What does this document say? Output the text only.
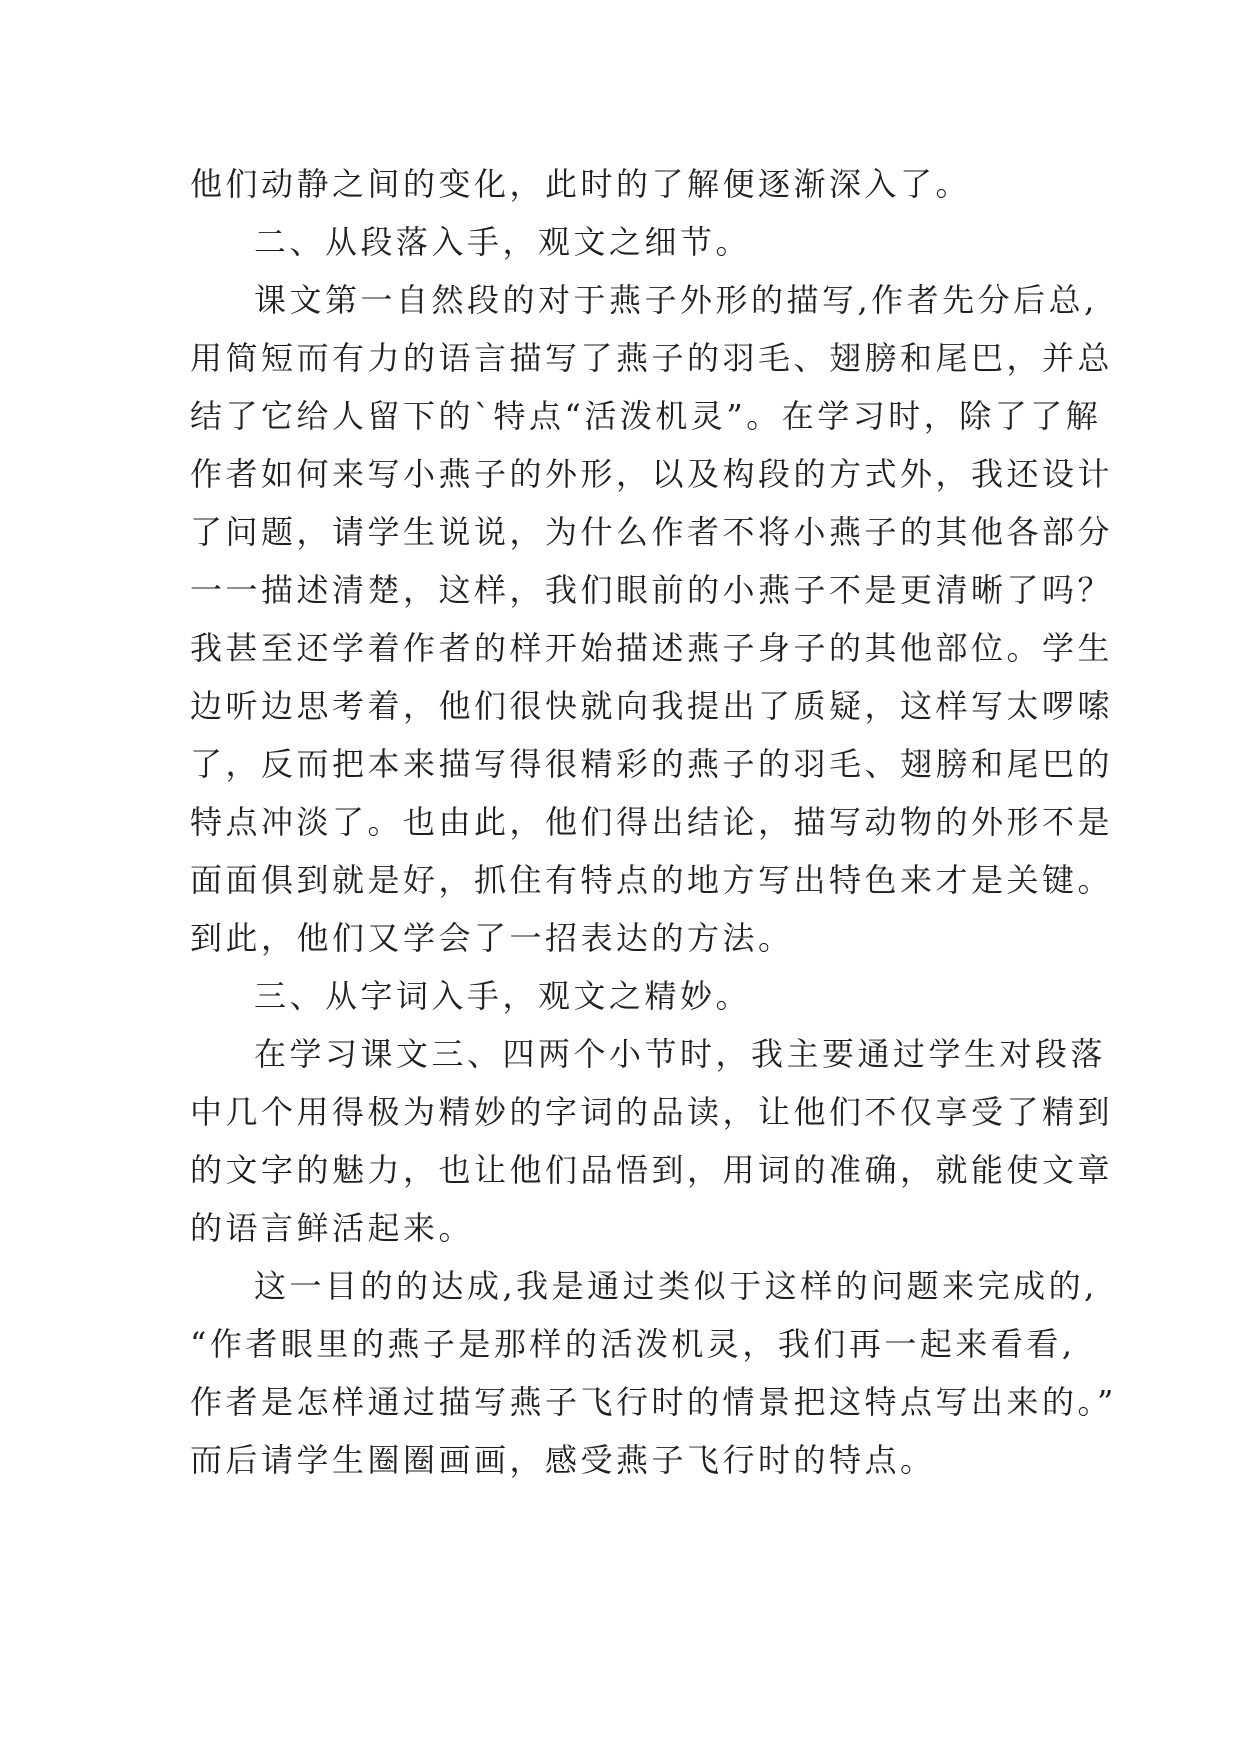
他们动静之间的变化，此时的了解便逐渐深入了。
二、从段落入手，观文之细节。
课文第一自然段的对于燕子外形的描写,作者先分后总,
用简短而有力的语言描写了燕子的羽毛、翅膀和尾巴，并总
结了它给人留下的`特点“活泼机灵”。在学习时，除了了解
作者如何来写小燕子的外形，以及构段的方式外，我还设计
了问题，请学生说说，为什么作者不将小燕子的其他各部分
一一描述清楚，这样，我们眼前的小燕子不是更清晰了吗？
我甚至还学着作者的样开始描述燕子身子的其他部位。学生
边听边思考着，他们很快就向我提出了质疑，这样写太啰嗦
了，反而把本来描写得很精彩的燕子的羽毛、翅膀和尾巴的
特点冲淡了。也由此，他们得出结论，描写动物的外形不是
面面俱到就是好，抓住有特点的地方写出特色来才是关键。
到此，他们又学会了一招表达的方法。
三、从字词入手，观文之精妙。
在学习课文三、四两个小节时，我主要通过学生对段落
中几个用得极为精妙的字词的品读，让他们不仅享受了精到
的文字的魅力，也让他们品悟到，用词的准确，就能使文章
的语言鲜活起来。
这一目的的达成,我是通过类似于这样的问题来完成的,
“作者眼里的燕子是那样的活泼机灵，我们再一起来看看,
作者是怎样通过描写燕子飞行时的情景把这特点写出来的。”
而后请学生圈圈画画，感受燕子飞行时的特点。
